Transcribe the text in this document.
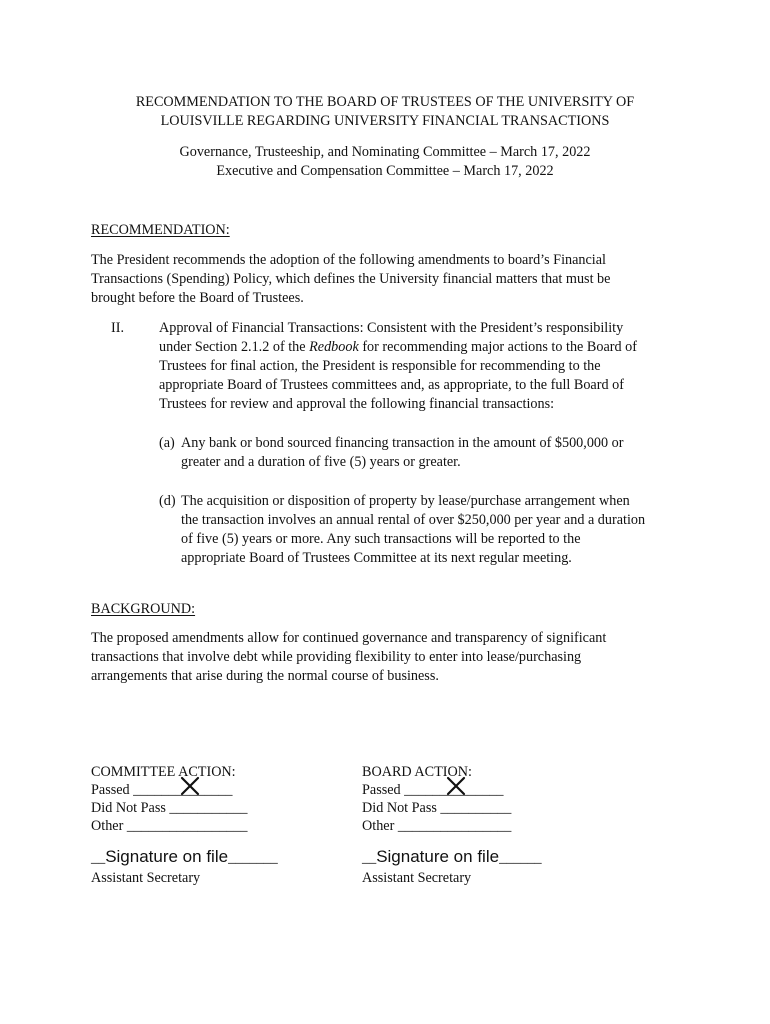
RECOMMENDATION TO THE BOARD OF TRUSTEES OF THE UNIVERSITY OF
LOUISVILLE REGARDING UNIVERSITY FINANCIAL TRANSACTIONS
Governance, Trusteeship, and Nominating Committee – March 17, 2022
Executive and Compensation Committee – March 17, 2022
RECOMMENDATION:
The President recommends the adoption of the following amendments to board’s Financial
Transactions (Spending) Policy, which defines the University financial matters that must be
brought before the Board of Trustees.
II. Approval of Financial Transactions: Consistent with the President’s responsibility
under Section 2.1.2 of the Redbook for recommending major actions to the Board of
Trustees for final action, the President is responsible for recommending to the
appropriate Board of Trustees committees and, as appropriate, to the full Board of
Trustees for review and approval the following financial transactions:
(a) Any bank or bond sourced financing transaction in the amount of $500,000 or
greater and a duration of five (5) years or greater.
(d) The acquisition or disposition of property by lease/purchase arrangement when
the transaction involves an annual rental of over $250,000 per year and a duration
of five (5) years or more. Any such transactions will be reported to the
appropriate Board of Trustees Committee at its next regular meeting.
BACKGROUND:
The proposed amendments allow for continued governance and transparency of significant
transactions that involve debt while providing flexibility to enter into lease/purchasing
arrangements that arise during the normal course of business.
COMMITTEE ACTION:
Passed ______________
Did Not Pass ___________
Other _________________
__Signature on file_______
Assistant Secretary
BOARD ACTION:
Passed ______________
Did Not Pass __________
Other ________________
__Signature on file______
Assistant Secretary
